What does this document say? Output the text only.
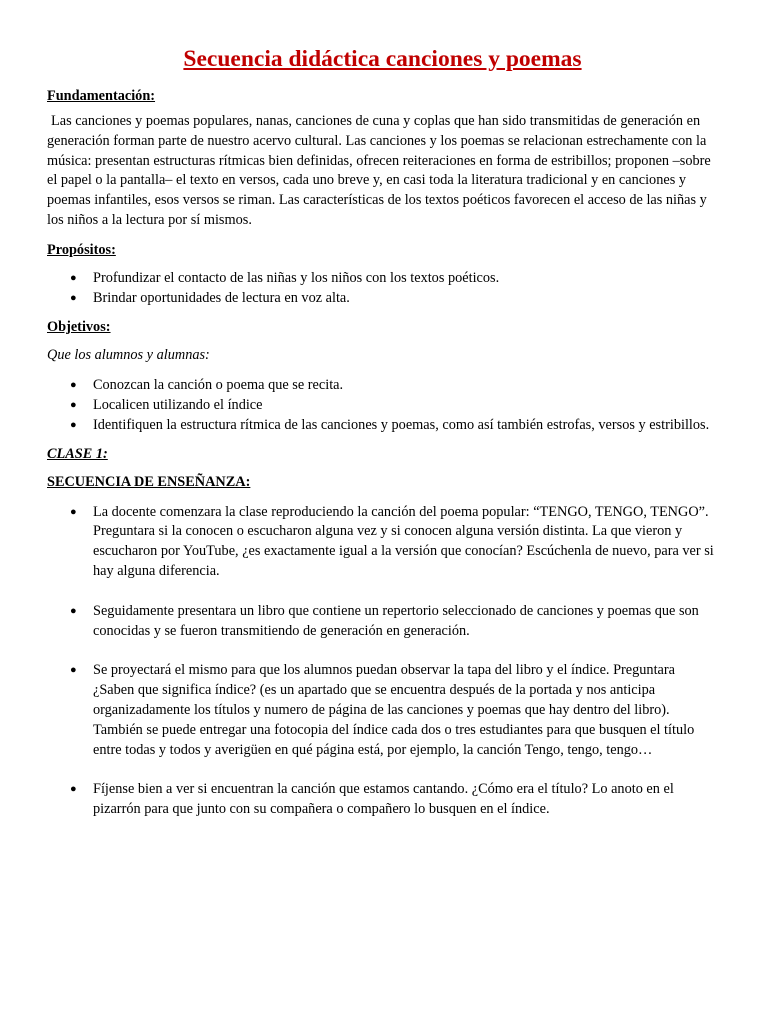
Secuencia didáctica canciones y poemas

Fundamentación:

Las canciones y poemas populares, nanas, canciones de cuna y coplas que han sido transmitidas de generación en generación forman parte de nuestro acervo cultural. Las canciones y los poemas se relacionan estrechamente con la música: presentan estructuras rítmicas bien definidas, ofrecen reiteraciones en forma de estribillos; proponen –sobre el papel o la pantalla– el texto en versos, cada uno breve y, en casi toda la literatura tradicional y en canciones y poemas infantiles, esos versos se riman. Las características de los textos poéticos favorecen el acceso de las niñas y los niños a la lectura por sí mismos.

Propósitos:

● Profundizar el contacto de las niñas y los niños con los textos poéticos.
● Brindar oportunidades de lectura en voz alta.

Objetivos:

Que los alumnos y alumnas:

● Conozcan la canción o poema que se recita.
● Localicen utilizando el índice
● Identifiquen la estructura rítmica de las canciones y poemas, como así también estrofas, versos y estribillos.

CLASE 1:

SECUENCIA DE ENSEÑANZA:

● La docente comenzara la clase reproduciendo la canción del poema popular: “TENGO, TENGO, TENGO”. Preguntara si la conocen o escucharon alguna vez y si conocen alguna versión distinta. La que vieron y escucharon por YouTube, ¿es exactamente igual a la versión que conocían? Escúchenla de nuevo, para ver si hay alguna diferencia.
● Seguidamente presentara un libro que contiene un repertorio seleccionado de canciones y poemas que son conocidas y se fueron transmitiendo de generación en generación.
● Se proyectará el mismo para que los alumnos puedan observar la tapa del libro y el índice. Preguntara ¿Saben que significa índice? (es un apartado que se encuentra después de la portada y nos anticipa organizadamente los títulos y numero de página de las canciones y poemas que hay dentro del libro). También se puede entregar una fotocopia del índice cada dos o tres estudiantes para que busquen el título entre todas y todos y averigüen en qué página está, por ejemplo, la canción Tengo, tengo, tengo…
● Fíjense bien a ver si encuentran la canción que estamos cantando. ¿Cómo era el título? Lo anoto en el pizarrón para que junto con su compañera o compañero lo busquen en el índice.
